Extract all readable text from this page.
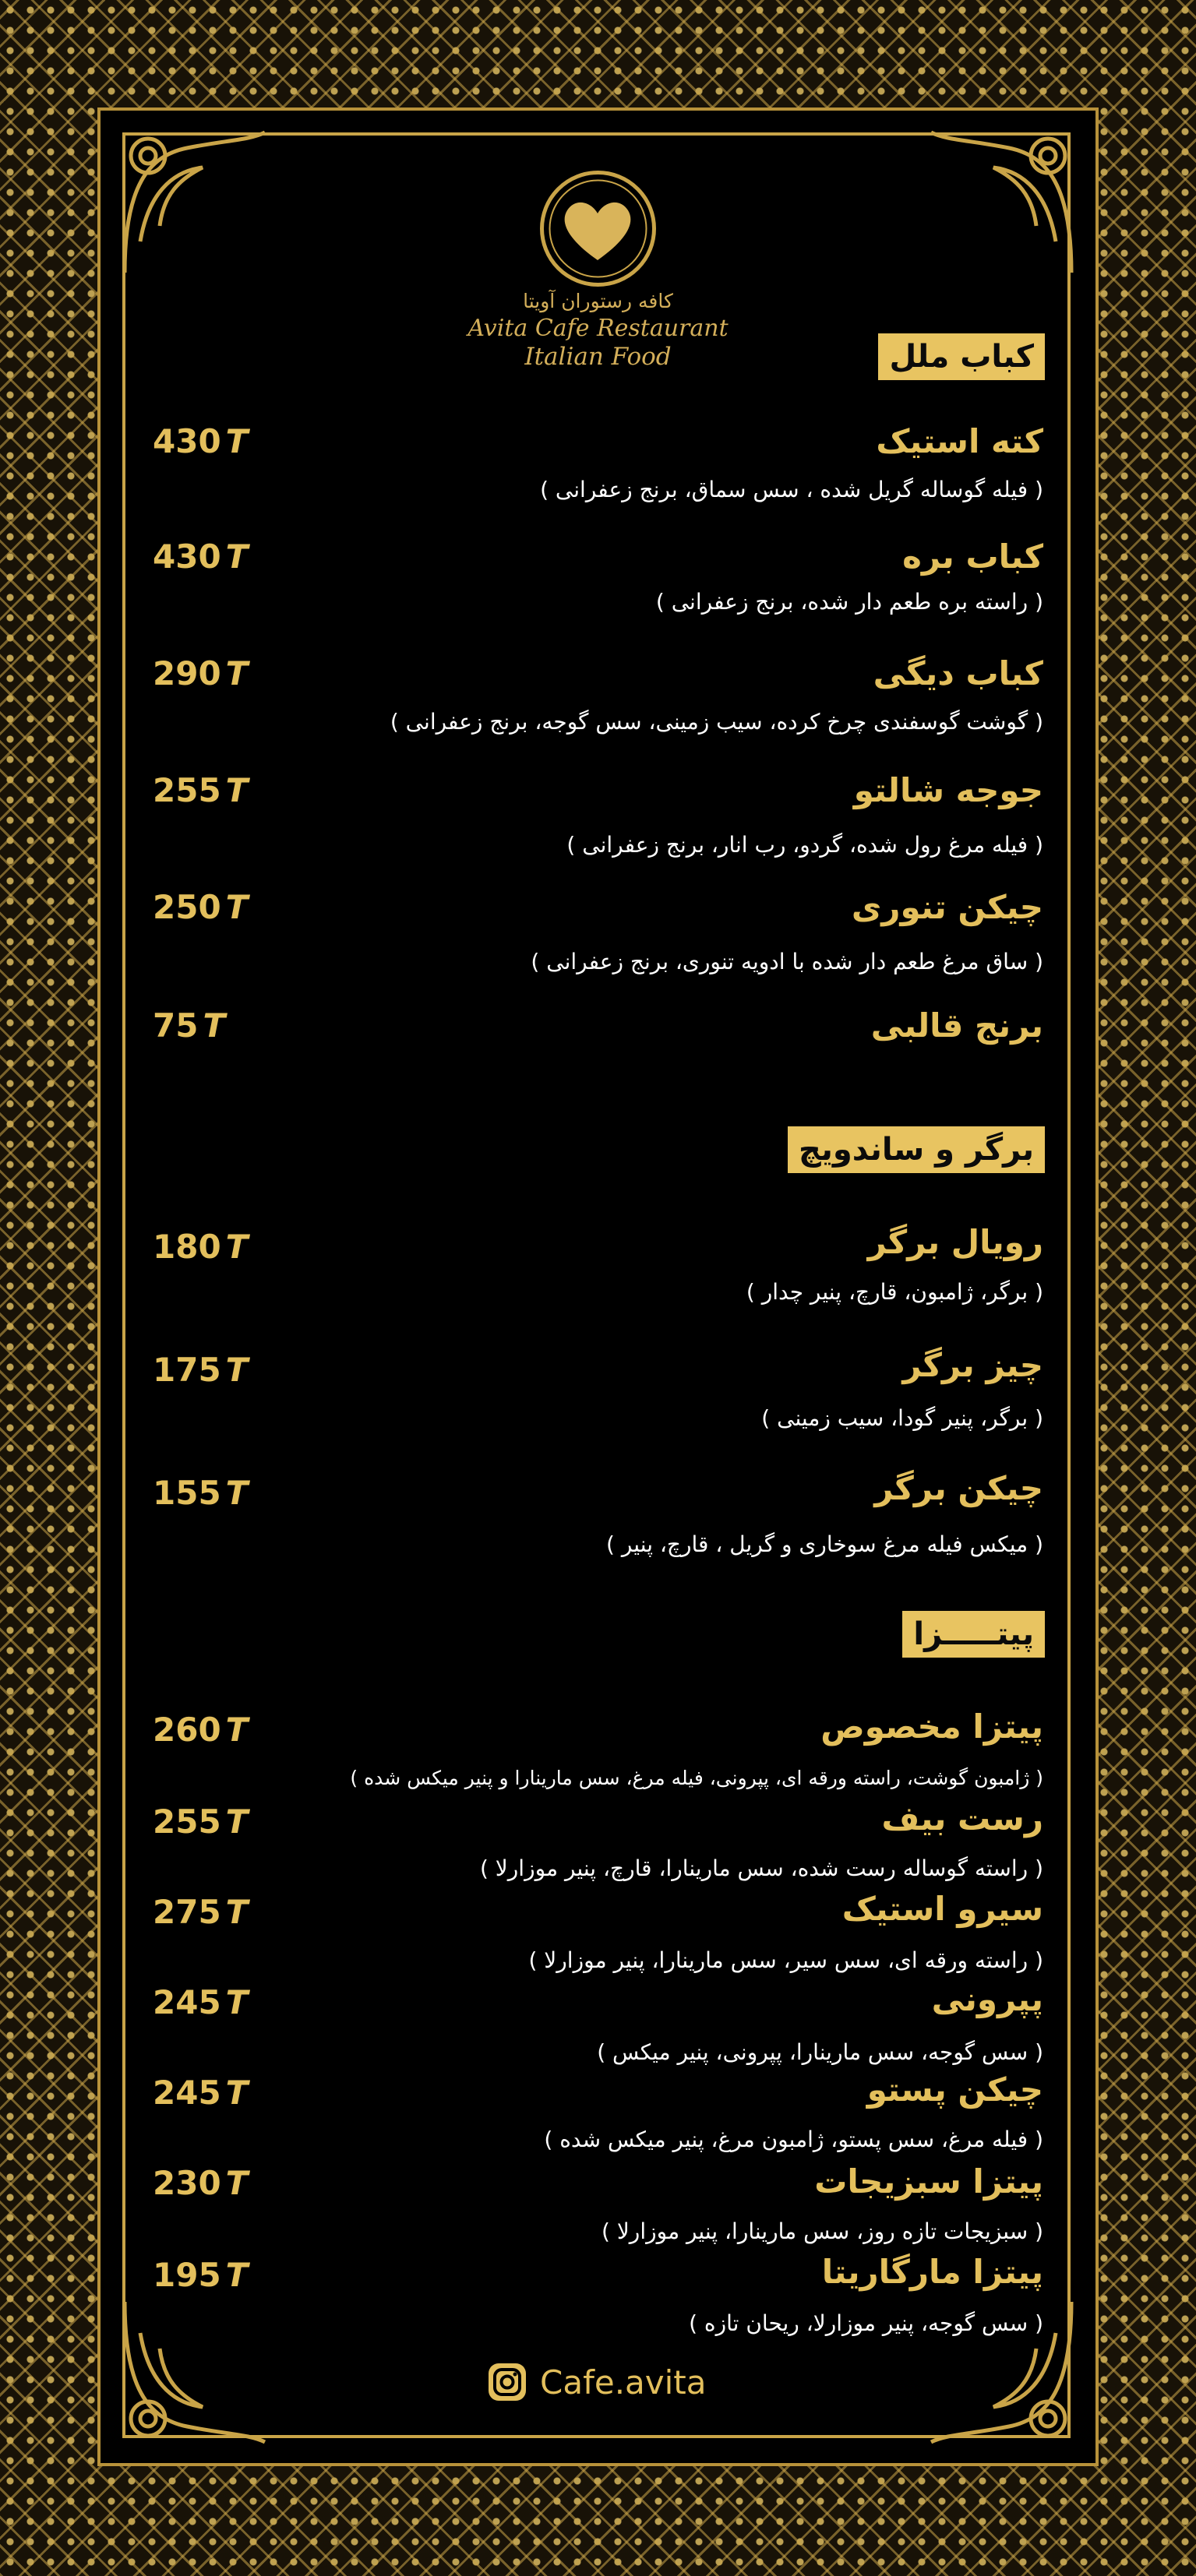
کافه رستوران آویتا
Avita Cafe Restaurant
Italian Food	کباب ملل
کته استیک
430 T
( فیله گوساله گریل شده ، سس سماق، برنج زعفرانی )
کباب بره
430 T
( راسته بره طعم دار شده، برنج زعفرانی )
کباب دیگی
290 T
( گوشت گوسفندی چرخ کرده، سیب زمینی، سس گوجه، برنج زعفرانی )
جوجه شالتو
255 T
( فیله مرغ رول شده، گردو، رب انار، برنج زعفرانی )
چیکن تنوری
250 T
( ساق مرغ طعم دار شده با ادویه تنوری، برنج زعفرانی )
برنج قالبی
75 T
برگر و ساندویچ
رویال برگر
180 T
( برگر، ژامبون، قارچ، پنیر چدار )
چیز برگر
175 T
( برگر، پنیر گودا، سیب زمینی )
چیکن برگر
155 T
( میکس فیله مرغ سوخاری و گریل ، قارچ، پنیر )
پیتـــــزا
پیتزا مخصوص
260 T
( ژامبون گوشت، راسته ورقه ای، پپرونی، فیله مرغ، سس مارینارا و پنیر میکس شده )
رست بیف
255 T
( راسته گوساله رست شده، سس مارینارا، قارچ، پنیر موزارلا )
سیرو استیک
275 T
( راسته ورقه ای، سس سیر، سس مارینارا، پنیر موزارلا )
پپرونی
245 T
( سس گوجه، سس مارینارا، پپرونی، پنیر میکس )
چیکن پستو
245 T
( فیله مرغ، سس پستو، ژامبون مرغ، پنیر میکس شده )
پیتزا سبزیجات
230 T
( سبزیجات تازه روز، سس مارینارا، پنیر موزارلا )
پیتزا مارگاریتا
195 T
( سس گوجه، پنیر موزارلا، ریحان تازه )
Cafe.avita
